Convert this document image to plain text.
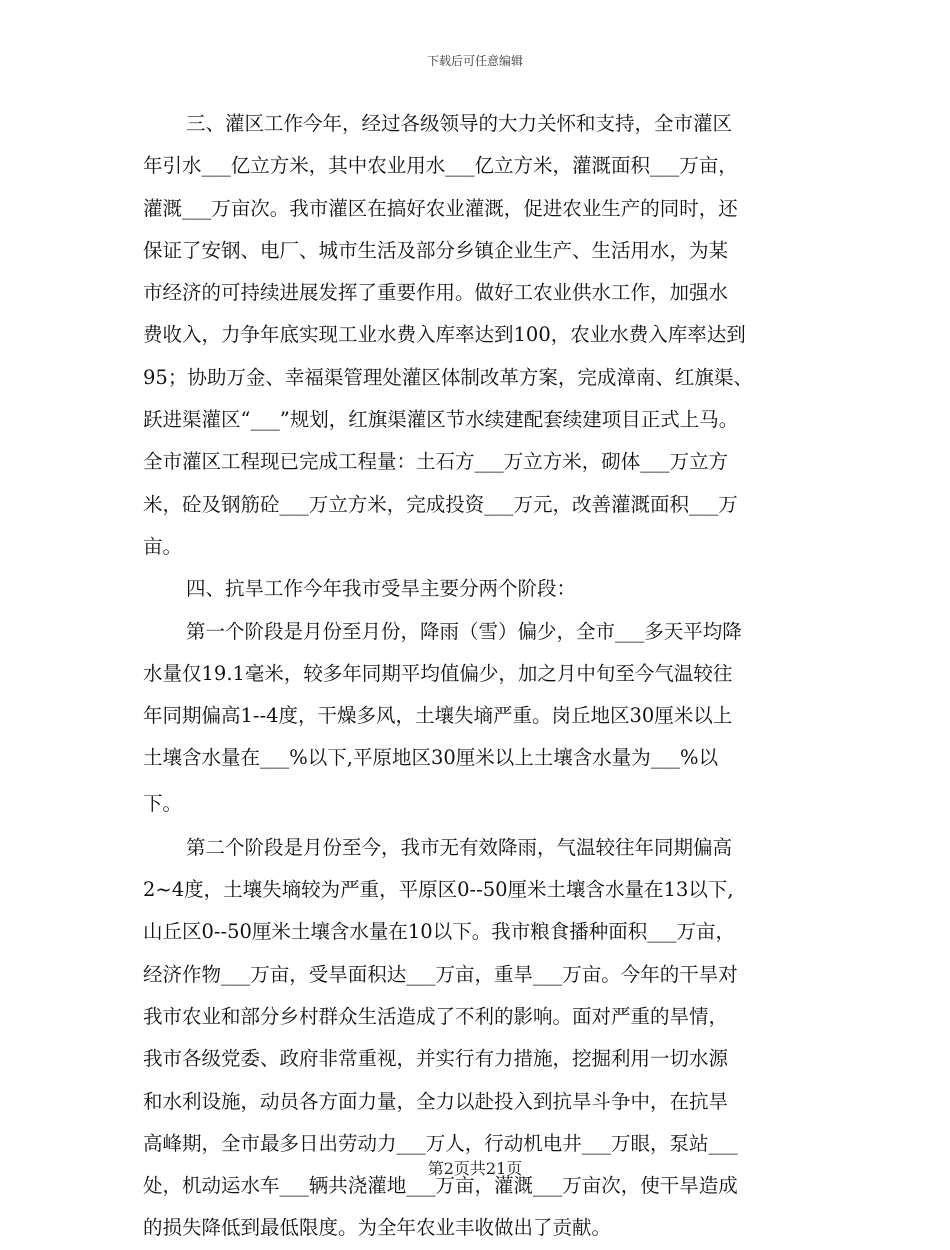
下载后可任意编辑
三、灌区工作今年，经过各级领导的大力关怀和支持，全市灌区
年引水___亿立方米，其中农业用水___亿立方米，灌溉面积___万亩，
灌溉___万亩次。我市灌区在搞好农业灌溉，促进农业生产的同时，还
保证了安钢、电厂、城市生活及部分乡镇企业生产、生活用水，为某
市经济的可持续进展发挥了重要作用。做好工农业供水工作，加强水
费收入，力争年底实现工业水费入库率达到100，农业水费入库率达到
95；协助万金、幸福渠管理处灌区体制改革方案，完成漳南、红旗渠、
跃进渠灌区“___”规划，红旗渠灌区节水续建配套续建项目正式上马。
全市灌区工程现已完成工程量：土石方___万立方米，砌体___万立方
米，砼及钢筋砼___万立方米，完成投资___万元，改善灌溉面积___万
亩。
四、抗旱工作今年我市受旱主要分两个阶段：
第一个阶段是月份至月份，降雨（雪）偏少，全市___多天平均降
水量仅19.1毫米，较多年同期平均值偏少，加之月中旬至今气温较往
年同期偏高1--4度，干燥多风，土壤失墒严重。岗丘地区30厘米以上
土壤含水量在___%以下,平原地区30厘米以上土壤含水量为___%以
下。
第二个阶段是月份至今，我市无有效降雨，气温较往年同期偏高
2~4度，土壤失墒较为严重，平原区0--50厘米土壤含水量在13以下,
山丘区0--50厘米土壤含水量在10以下。我市粮食播种面积___万亩，
经济作物___万亩，受旱面积达___万亩，重旱___万亩。今年的干旱对
我市农业和部分乡村群众生活造成了不利的影响。面对严重的旱情，
我市各级党委、政府非常重视，并实行有力措施，挖掘利用一切水源
和水利设施，动员各方面力量，全力以赴投入到抗旱斗争中，在抗旱
高峰期，全市最多日出劳动力___万人，行动机电井___万眼，泵站___
处，机动运水车___辆共浇灌地___万亩，灌溉___万亩次，使干旱造成
的损失降低到最低限度。为全年农业丰收做出了贡献。
第2页共21页
